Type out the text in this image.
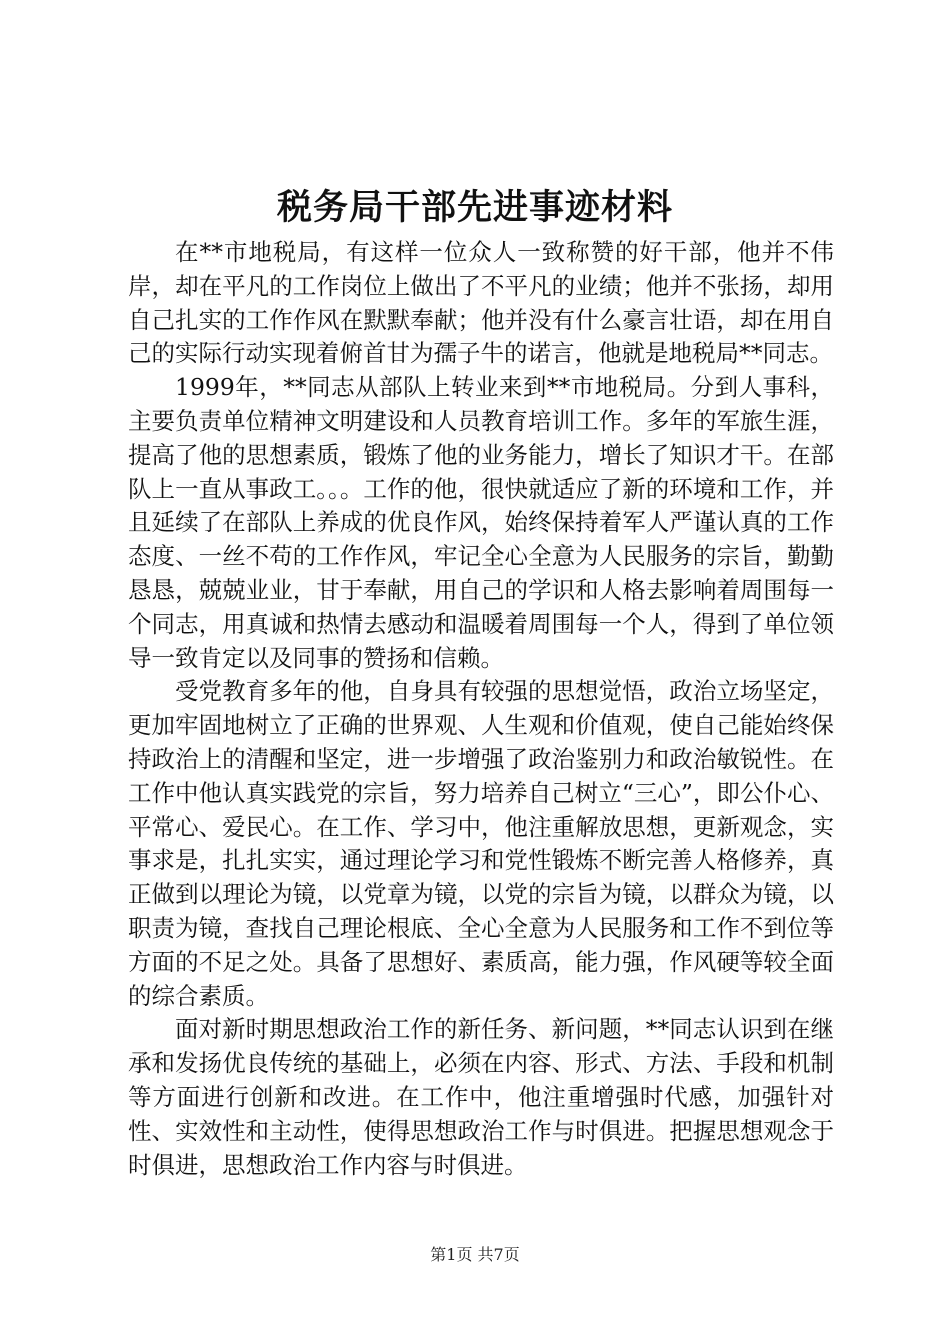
税务局干部先进事迹材料

在**市地税局，有这样一位众人一致称赞的好干部，他并不伟岸，却在平凡的工作岗位上做出了不平凡的业绩；他并不张扬，却用自己扎实的工作作风在默默奉献；他并没有什么豪言壮语，却在用自己的实际行动实现着俯首甘为孺子牛的诺言，他就是地税局**同志。

1999年，**同志从部队上转业来到**市地税局。分到人事科，主要负责单位精神文明建设和人员教育培训工作。多年的军旅生涯，提高了他的思想素质，锻炼了他的业务能力，增长了知识才干。在部队上一直从事政工。。。工作的他，很快就适应了新的环境和工作，并且延续了在部队上养成的优良作风，始终保持着军人严谨认真的工作态度、一丝不苟的工作作风，牢记全心全意为人民服务的宗旨，勤勤恳恳，兢兢业业，甘于奉献，用自己的学识和人格去影响着周围每一个同志，用真诚和热情去感动和温暖着周围每一个人，得到了单位领导一致肯定以及同事的赞扬和信赖。

受党教育多年的他，自身具有较强的思想觉悟，政治立场坚定，更加牢固地树立了正确的世界观、人生观和价值观，使自己能始终保持政治上的清醒和坚定，进一步增强了政治鉴别力和政治敏锐性。在工作中他认真实践党的宗旨，努力培养自己树立“三心”，即公仆心、平常心、爱民心。在工作、学习中，他注重解放思想，更新观念，实事求是，扎扎实实，通过理论学习和党性锻炼不断完善人格修养，真正做到以理论为镜，以党章为镜，以党的宗旨为镜，以群众为镜，以职责为镜，查找自己理论根底、全心全意为人民服务和工作不到位等方面的不足之处。具备了思想好、素质高，能力强，作风硬等较全面的综合素质。

面对新时期思想政治工作的新任务、新问题，**同志认识到在继承和发扬优良传统的基础上，必须在内容、形式、方法、手段和机制等方面进行创新和改进。在工作中，他注重增强时代感，加强针对性、实效性和主动性，使得思想政治工作与时俱进。把握思想观念于时俱进，思想政治工作内容与时俱进。

第1页 共7页
